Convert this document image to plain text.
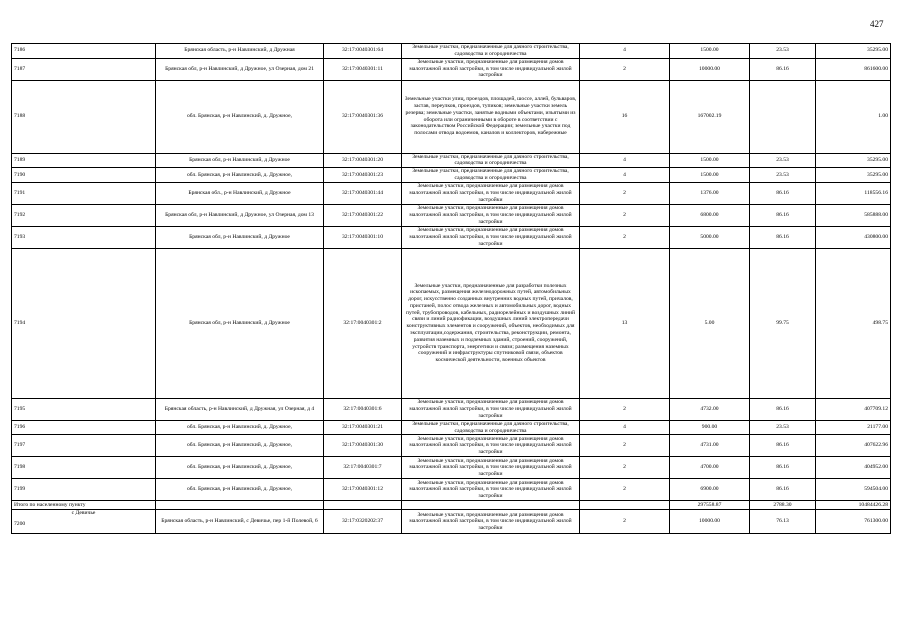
427
7186	Брянская область, р-н Навлинский, д Дружная	32:17:0040301:64	Земельные участки, предназначенные для дачного строительства, садоводства и огородничества	4	1500.00	23.53	35295.00
7187	Брянская обл, р-н Навлинский, д Дружное, ул Озерная, дом 21	32:17:0040301:11	Земельные участки, предназначенные для размещения домов малоэтажной жилой застройки, в том числе индивидуальной жилой застройки	2	10000.00	86.16	861600.00
7188	обл. Брянская, р-н Навлинский, д. Дружное,	32:17:0040301:36	Земельные участки улиц, проездов, площадей, шоссе, аллей, бульваров, застав, переулков, проездов, тупиков; земельные участки земель резерва; земельные участки, занятые водными объектами, изъятыми из оборота или ограниченными в обороте в соответствии с законодательством Российской Федерации; земельные участки под полосами отвода водоемов, каналов и коллекторов, набережные	16	167002.19		1.00
7189	Брянская обл, р-н Навлинский, д Дружное	32:17:0040301:20	Земельные участки, предназначенные для дачного строительства, садоводства и огородничества	4	1500.00	23.53	35295.00
7190	обл. Брянская, р-н Навлинский, д. Дружное,	32:17:0040301:23	Земельные участки, предназначенные для дачного строительства, садоводства и огородничества	4	1500.00	23.53	35295.00
7191	Брянская обл., р-н Навлинский, д Дружное	32:17:0040301:44	Земельные участки, предназначенные для размещения домов малоэтажной жилой застройки, в том числе индивидуальной жилой застройки	2	1376.00	86.16	118556.16
7192	Брянская обл, р-н Навлинский, д Дружное, ул Озерная, дом 13	32:17:0040301:22	Земельные участки, предназначенные для размещения домов малоэтажной жилой застройки, в том числе индивидуальной жилой застройки	2	6800.00	86.16	585888.00
7193	Брянская обл, р-н Навлинский, д Дружное	32:17:0040301:10	Земельные участки, предназначенные для размещения домов малоэтажной жилой застройки, в том числе индивидуальной жилой застройки	2	5000.00	86.16	430800.00
7194	Брянская обл, р-н Навлинский, д Дружное	32:17:0040301:2	Земельные участки, предназначенные для разработки полезных ископаемых, размещения железнодорожных путей, автомобильных дорог, искусственно созданных внутренних водных путей, причалов, пристаней, полос отвода железных и автомобильных дорог, водных путей, трубопроводов, кабельных, радиорелейных и воздушных линий связи и линий радиофикации, воздушных линий электропередачи конструктивных элементов и сооружений, объектов, необходимых для эксплуатации,содержания, строительства, реконструкции, ремонта, развития наземных и подземных зданий, строений, сооружений, устройств транспорта, энергетики и связи; размещения наземных сооружений и инфраструктуры спутниковой связи, объектов космической деятельности, военных объектов	13	5.00	99.75	498.75
7195	Брянская область, р-н Навлинский, д Дружная, ул Озерная, д 4	32:17:0040301:6	Земельные участки, предназначенные для размещения домов малоэтажной жилой застройки, в том числе индивидуальной жилой застройки	2	4732.00	86.16	407709.12
7196	обл. Брянская, р-н Навлинский, д. Дружное,	32:17:0040301:21	Земельные участки, предназначенные для дачного строительства, садоводства и огородничества	4	900.00	23.53	21177.00
7197	обл. Брянская, р-н Навлинский, д. Дружное,	32:17:0040301:30	Земельные участки, предназначенные для размещения домов малоэтажной жилой застройки, в том числе индивидуальной жилой застройки	2	4731.00	86.16	407622.96
7198	обл. Брянская, р-н Навлинский, д. Дружное,	32:17:0040301:7	Земельные участки, предназначенные для размещения домов малоэтажной жилой застройки, в том числе индивидуальной жилой застройки	2	4700.00	86.16	404952.00
7199	обл. Брянская, р-н Навлинский, д. Дружное,	32:17:0040301:12	Земельные участки, предназначенные для размещения домов малоэтажной жилой застройки, в том числе индивидуальной жилой застройки	2	6900.00	86.16	594504.00
Итого по населенному пункту					297558.87	2788.30	10484426.28

с Девичье
7200	Брянская область, р-н Навлинский, с Девичье, пер 1-й Полевой, 6	32:17:0320202:37	Земельные участки, предназначенные для размещения домов малоэтажной жилой застройки, в том числе индивидуальной жилой застройки	2	10000.00	76.13	761300.00
